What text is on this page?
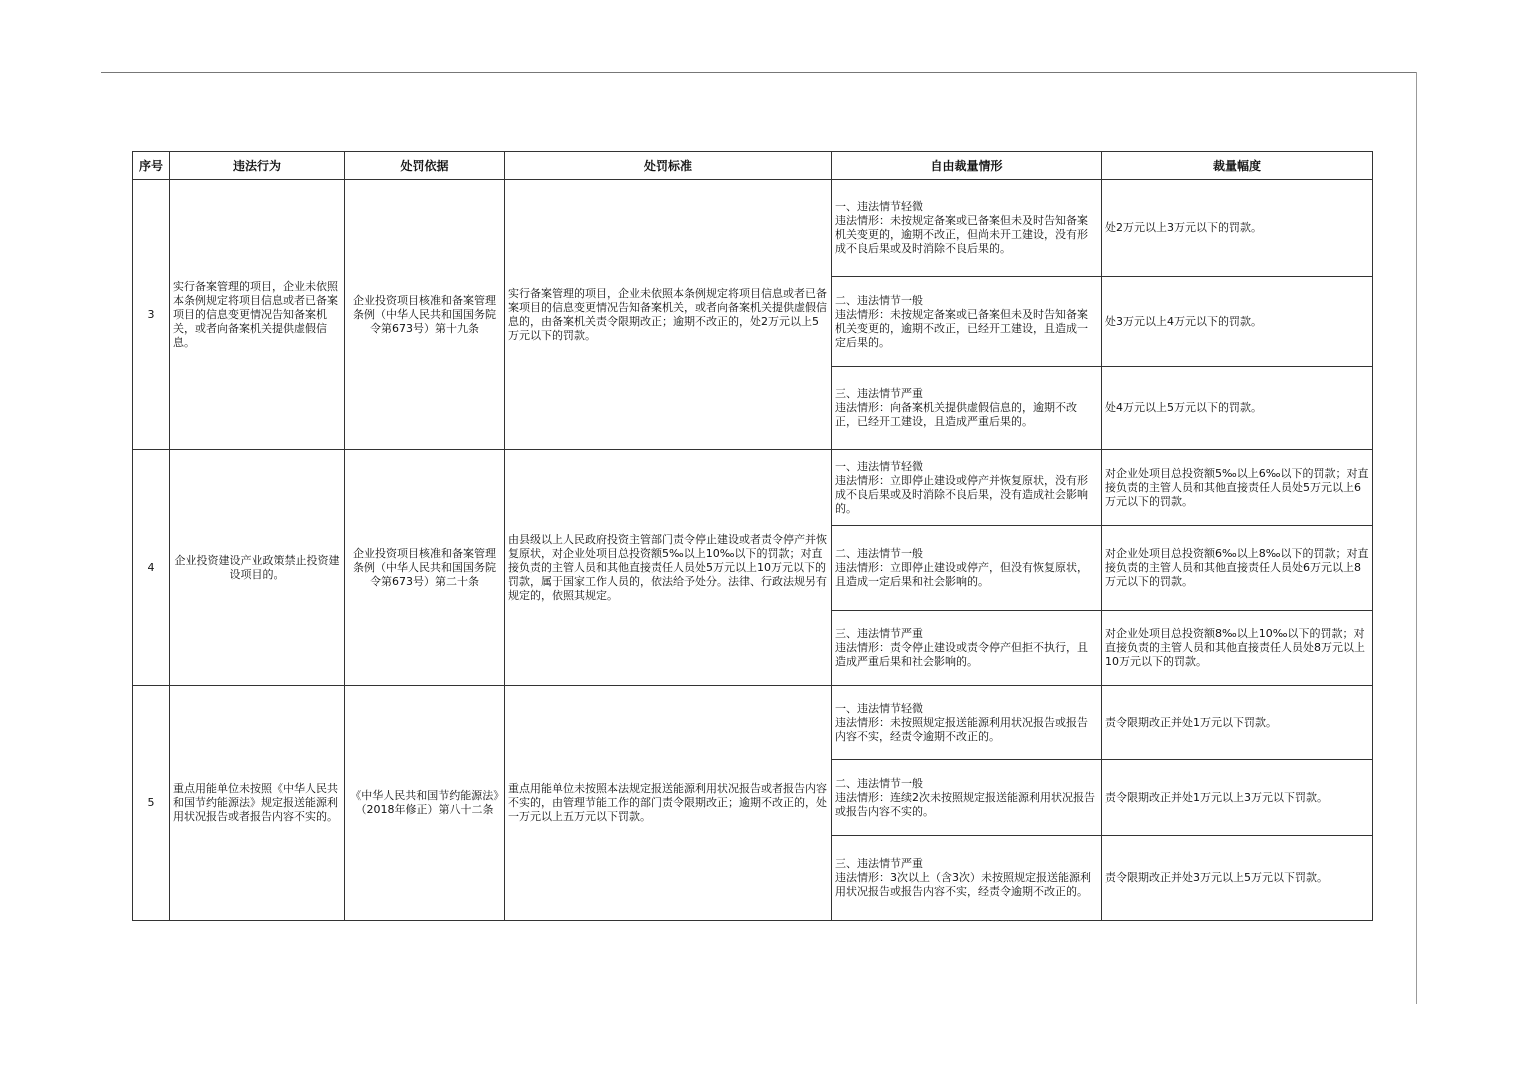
序号	违法行为	处罚依据	处罚标准	自由裁量情形	裁量幅度
3	实行备案管理的项目，企业未依照本条例规定将项目信息或者已备案项目的信息变更情况告知备案机关，或者向备案机关提供虚假信息。	企业投资项目核准和备案管理条例（中华人民共和国国务院令第673号）第十九条	实行备案管理的项目，企业未依照本条例规定将项目信息或者已备案项目的信息变更情况告知备案机关，或者向备案机关提供虚假信息的，由备案机关责令限期改正；逾期不改正的，处2万元以上5万元以下的罚款。	一、违法情节轻微
违法情形：未按规定备案或已备案但未及时告知备案机关变更的，逾期不改正，但尚未开工建设，没有形成不良后果或及时消除不良后果的。	处2万元以上3万元以下的罚款。

				二、违法情节一般
违法情形：未按规定备案或已备案但未及时告知备案机关变更的，逾期不改正，已经开工建设，且造成一定后果的。	处3万元以上4万元以下的罚款。

				三、违法情节严重
违法情形：向备案机关提供虚假信息的，逾期不改正，已经开工建设，且造成严重后果的。	处4万元以上5万元以下的罚款。
4	企业投资建设产业政策禁止投资建设项目的。	企业投资项目核准和备案管理条例（中华人民共和国国务院令第673号）第二十条	由县级以上人民政府投资主管部门责令停止建设或者责令停产并恢复原状，对企业处项目总投资额5‰以上10‰以下的罚款；对直接负责的主管人员和其他直接责任人员处5万元以上10万元以下的罚款，属于国家工作人员的，依法给予处分。法律、行政法规另有规定的，依照其规定。	一、违法情节轻微
违法情形：立即停止建设或停产并恢复原状，没有形成不良后果或及时消除不良后果，没有造成社会影响的。	对企业处项目总投资额5‰以上6‰以下的罚款；对直接负责的主管人员和其他直接责任人员处5万元以上6万元以下的罚款。

				二、违法情节一般
违法情形：立即停止建设或停产，但没有恢复原状，且造成一定后果和社会影响的。	对企业处项目总投资额6‰以上8‰以下的罚款；对直接负责的主管人员和其他直接责任人员处6万元以上8万元以下的罚款。

				三、违法情节严重
违法情形：责令停止建设或责令停产但拒不执行，且造成严重后果和社会影响的。	对企业处项目总投资额8‰以上10‰以下的罚款；对直接负责的主管人员和其他直接责任人员处8万元以上10万元以下的罚款。
5	重点用能单位未按照《中华人民共和国节约能源法》规定报送能源利用状况报告或者报告内容不实的。	《中华人民共和国节约能源法》（2018年修正）第八十二条	重点用能单位未按照本法规定报送能源利用状况报告或者报告内容不实的，由管理节能工作的部门责令限期改正；逾期不改正的，处一万元以上五万元以下罚款。	一、违法情节轻微
违法情形：未按照规定报送能源利用状况报告或报告内容不实，经责令逾期不改正的。	责令限期改正并处1万元以下罚款。

				二、违法情节一般
违法情形：连续2次未按照规定报送能源利用状况报告或报告内容不实的。	责令限期改正并处1万元以上3万元以下罚款。

				三、违法情节严重
违法情形：3次以上（含3次）未按照规定报送能源利用状况报告或报告内容不实，经责令逾期不改正的。	责令限期改正并处3万元以上5万元以下罚款。
